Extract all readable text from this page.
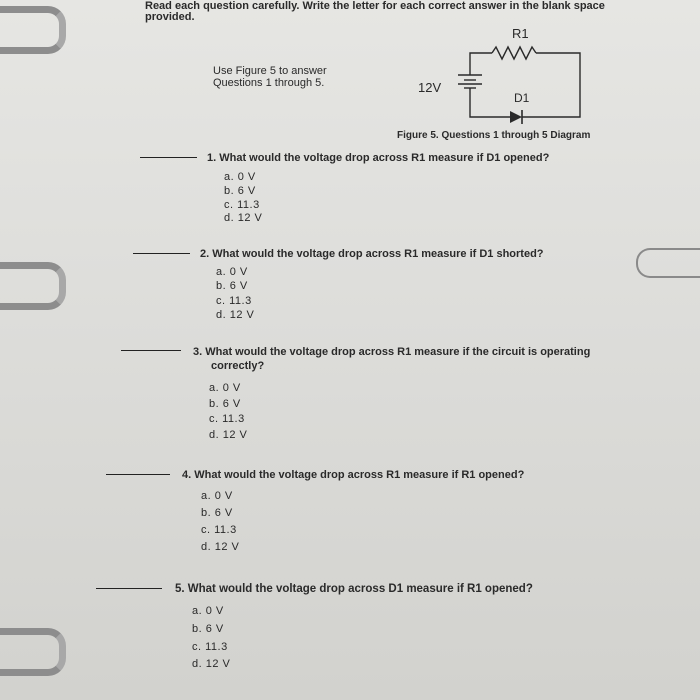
Read each question carefully. Write the letter for each correct answer in the blank space
provided.
Use Figure 5 to answer
Questions 1 through 5.
R1
12V
D1
Figure 5. Questions 1 through 5 Diagram
1. What would the voltage drop across R1 measure if D1 opened?
a. 0 V
b. 6 V
c. 11.3
d. 12 V
2. What would the voltage drop across R1 measure if D1 shorted?
a. 0 V
b. 6 V
c. 11.3
d. 12 V
3. What would the voltage drop across R1 measure if the circuit is operating
correctly?
a. 0 V
b. 6 V
c. 11.3
d. 12 V
4. What would the voltage drop across R1 measure if R1 opened?
a. 0 V
b. 6 V
c. 11.3
d. 12 V
5. What would the voltage drop across D1 measure if R1 opened?
a. 0 V
b. 6 V
c. 11.3
d. 12 V
